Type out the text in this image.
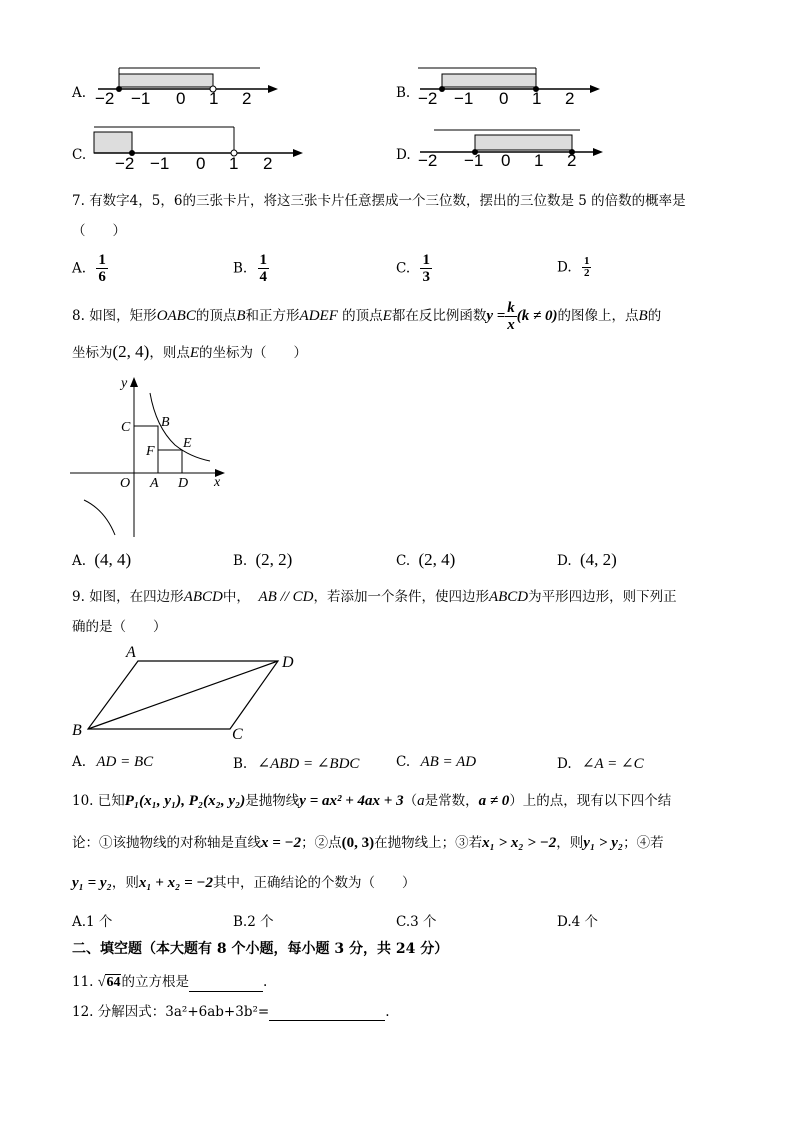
A. −2 −1 0 1 2	B. −2 −1 0 1 2
C. −2 −1 0 1 2	D. −2 −1 0 1 2
7. 有数字4，5，6的三张卡片，将这三张卡片任意摆成一个三位数，摆出的三位数是 5 的倍数的概率是
（　　）
A. $\frac{1}{6}$	B. $\frac{1}{4}$	C. $\frac{1}{3}$	D. $\frac{1}{2}$
8. 如图，矩形OABC的顶点B和正方形ADEF 的顶点E都在反比例函数$y = \frac{k}{x} (k \ne 0)$的图像上，点B的
坐标为(2, 4)，则点E的坐标为（　　）
y
x
O A D
C B
F
E
A. (4, 4)	B. (2, 2)	C. (2, 4)	D. (4, 2)
9. 如图，在四边形ABCD中， AB // CD，若添加一个条件，使四边形ABCD为平形四边形，则下列正
确的是（　　）
A
B	C
D
A. AD = BC	B. ∠ABD = ∠BDC	C. AB = AD	D. ∠A = ∠C
10. 已知P₁(x₁, y₁), P₂(x₂, y₂)是抛物线y = ax² + 4ax + 3（a是常数，a ≠ 0）上的点，现有以下四个结
论：①该抛物线的对称轴是直线x = −2；②点(0, 3)在抛物线上；③若x₁ > x₂ > −2，则y₁ > y₂；④若
y₁ = y₂，则x₁ + x₂ = −2其中，正确结论的个数为（　　）
A.1 个	B.2 个	C.3 个	D.4 个
二、填空题（本大题有 8 个小题，每小题 3 分，共 24 分）
11. √64的立方根是	.
12. 分解因式：3a²+6ab+3b²=	.
